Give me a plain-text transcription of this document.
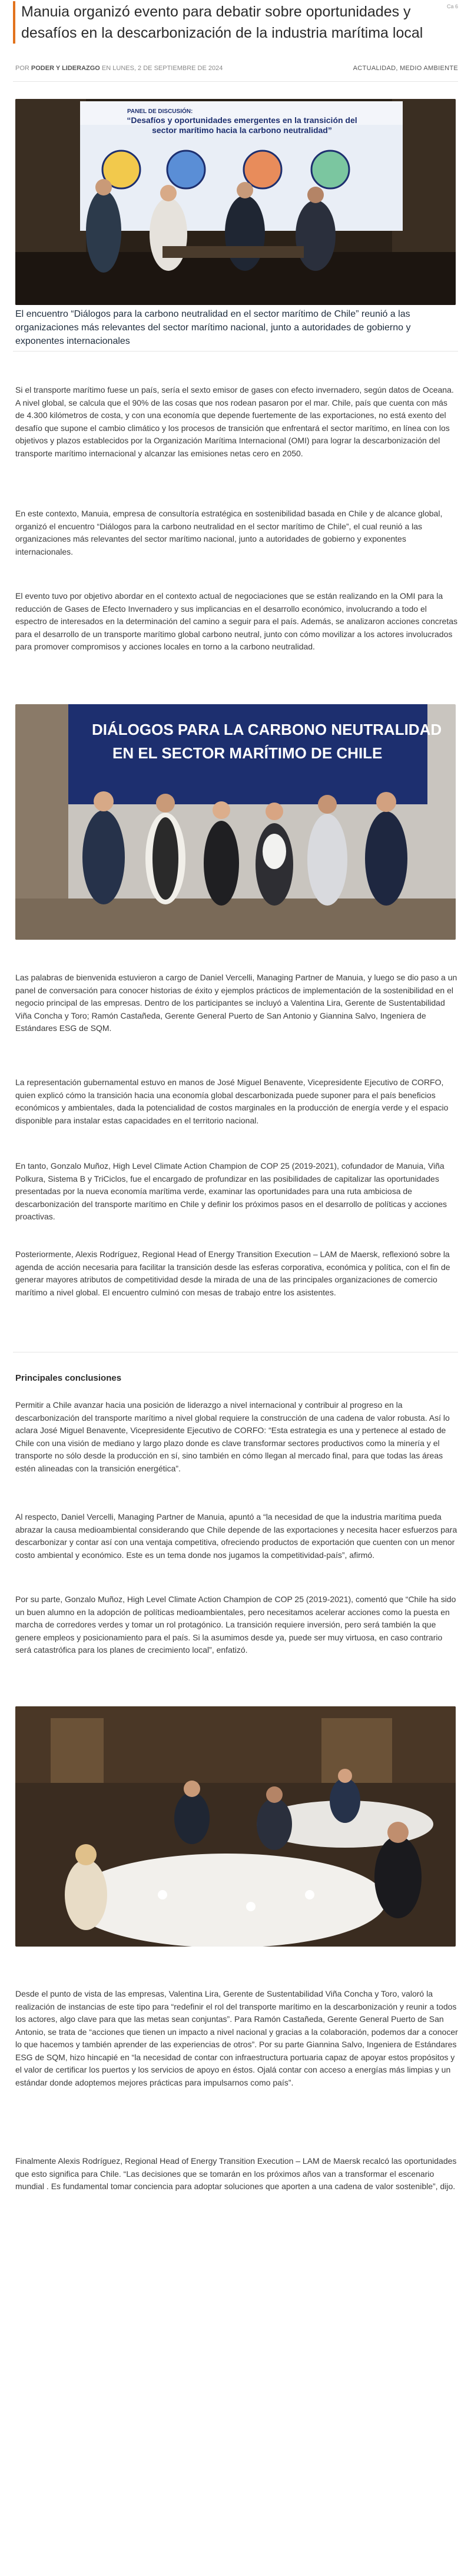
Ca 6
Manuia organizó evento para debatir sobre oportunidades y desafíos en la descarbonización de la industria marítima local
POR PODER Y LIDERAZGO EN LUNES, 2 DE SEPTIEMBRE DE 2024	ACTUALIDAD, MEDIO AMBIENTE
PANEL DE DISCUSIÓN:
“Desafíos y oportunidades emergentes en la transición del sector marítimo hacia la carbono neutralidad”

El encuentro “Diálogos para la carbono neutralidad en el sector marítimo de Chile” reunió a las organizaciones más relevantes del sector marítimo nacional, junto a autoridades de gobierno y exponentes internacionales

Si el transporte marítimo fuese un país, sería el sexto emisor de gases con efecto invernadero, según datos de Oceana. A nivel global, se calcula que el 90% de las cosas que nos rodean pasaron por el mar. Chile, país que cuenta con más de 4.300 kilómetros de costa, y con una economía que depende fuertemente de las exportaciones, no está exento del desafío que supone el cambio climático y los procesos de transición que enfrentará el sector marítimo, en línea con los objetivos y plazos establecidos por la Organización Marítima Internacional (OMI) para lograr la descarbonización del transporte marítimo internacional y alcanzar las emisiones netas cero en 2050.

En este contexto, Manuia, empresa de consultoría estratégica en sostenibilidad basada en Chile y de alcance global, organizó el encuentro “Diálogos para la carbono neutralidad en el sector marítimo de Chile”, el cual reunió a las organizaciones más relevantes del sector marítimo nacional, junto a autoridades de gobierno y exponentes internacionales.

El evento tuvo por objetivo abordar en el contexto actual de negociaciones que se están realizando en la OMI para la reducción de Gases de Efecto Invernadero y sus implicancias en el desarrollo económico, involucrando a todo el espectro de interesados en la determinación del camino a seguir para el país. Además, se analizaron acciones concretas para el desarrollo de un transporte marítimo global carbono neutral, junto con cómo movilizar a los actores involucrados para promover compromisos y acciones locales en torno a la carbono neutralidad.

DIÁLOGOS PARA LA CARBONO NEUTRALIDAD
EN EL SECTOR MARÍTIMO DE CHILE

Las palabras de bienvenida estuvieron a cargo de Daniel Vercelli, Managing Partner de Manuia, y luego se dio paso a un panel de conversación para conocer historias de éxito y ejemplos prácticos de implementación de la sostenibilidad en el negocio principal de las empresas. Dentro de los participantes se incluyó a Valentina Lira, Gerente de Sustentabilidad Viña Concha y Toro; Ramón Castañeda, Gerente General Puerto de San Antonio y Giannina Salvo, Ingeniera de Estándares ESG de SQM.

La representación gubernamental estuvo en manos de José Miguel Benavente, Vicepresidente Ejecutivo de CORFO, quien explicó cómo la transición hacia una economía global descarbonizada puede suponer para el país beneficios económicos y ambientales, dada la potencialidad de costos marginales en la producción de energía verde y el espacio disponible para instalar estas capacidades en el territorio nacional.

En tanto, Gonzalo Muñoz, High Level Climate Action Champion de COP 25 (2019-2021), cofundador de Manuia, Viña Polkura, Sistema B y TriCiclos, fue el encargado de profundizar en las posibilidades de capitalizar las oportunidades presentadas por la nueva economía marítima verde, examinar las oportunidades para una ruta ambiciosa de descarbonización del transporte marítimo en Chile y definir los próximos pasos en el desarrollo de políticas y acciones proactivas.

Posteriormente, Alexis Rodríguez, Regional Head of Energy Transition Execution – LAM de Maersk, reflexionó sobre la agenda de acción necesaria para facilitar la transición desde las esferas corporativa, económica y política, con el fin de generar mayores atributos de competitividad desde la mirada de una de las principales organizaciones de comercio marítimo a nivel global. El encuentro culminó con mesas de trabajo entre los asistentes.

Principales conclusiones

Permitir a Chile avanzar hacia una posición de liderazgo a nivel internacional y contribuir al progreso en la descarbonización del transporte marítimo a nivel global requiere la construcción de una cadena de valor robusta. Así lo aclara José Miguel Benavente, Vicepresidente Ejecutivo de CORFO: “Esta estrategia es una y pertenece al estado de Chile con una visión de mediano y largo plazo donde es clave transformar sectores productivos como la minería y el transporte no sólo desde la producción en sí, sino también en cómo llegan al mercado final, para que todas las áreas estén alineadas con la transición energética”.

Al respecto, Daniel Vercelli, Managing Partner de Manuia, apuntó a “la necesidad de que la industria marítima pueda abrazar la causa medioambiental considerando que Chile depende de las exportaciones y necesita hacer esfuerzos para descarbonizar y contar así con una ventaja competitiva, ofreciendo productos de exportación que cuenten con un menor costo ambiental y económico. Este es un tema donde nos jugamos la competitividad-país”, afirmó.

Por su parte, Gonzalo Muñoz, High Level Climate Action Champion de COP 25 (2019-2021), comentó que “Chile ha sido un buen alumno en la adopción de políticas medioambientales, pero necesitamos acelerar acciones como la puesta en marcha de corredores verdes y tomar un rol protagónico. La transición requiere inversión, pero será también la que genere empleos y posicionamiento para el país. Si la asumimos desde ya, puede ser muy virtuosa, en caso contrario será catastrófica para los planes de crecimiento local”, enfatizó.

Desde el punto de vista de las empresas, Valentina Lira, Gerente de Sustentabilidad Viña Concha y Toro, valoró la realización de instancias de este tipo para “redefinir el rol del transporte marítimo en la descarbonización y reunir a todos los actores, algo clave para que las metas sean conjuntas”. Para Ramón Castañeda, Gerente General Puerto de San Antonio, se trata de “acciones que tienen un impacto a nivel nacional y gracias a la colaboración, podemos dar a conocer lo que hacemos y también aprender de las experiencias de otros”. Por su parte Giannina Salvo, Ingeniera de Estándares ESG de SQM, hizo hincapié en “la necesidad de contar con infraestructura portuaria capaz de apoyar estos propósitos y el valor de certificar los puertos y los servicios de apoyo en éstos. Ojalá contar con acceso a energías más limpias y un estándar donde adoptemos mejores prácticas para impulsarnos como país”.

Finalmente Alexis Rodríguez, Regional Head of Energy Transition Execution – LAM de Maersk recalcó las oportunidades que esto significa para Chile. “Las decisiones que se tomarán en los próximos años van a transformar el escenario mundial . Es fundamental tomar conciencia para adoptar soluciones que aporten a una cadena de valor sostenible”, dijo.
